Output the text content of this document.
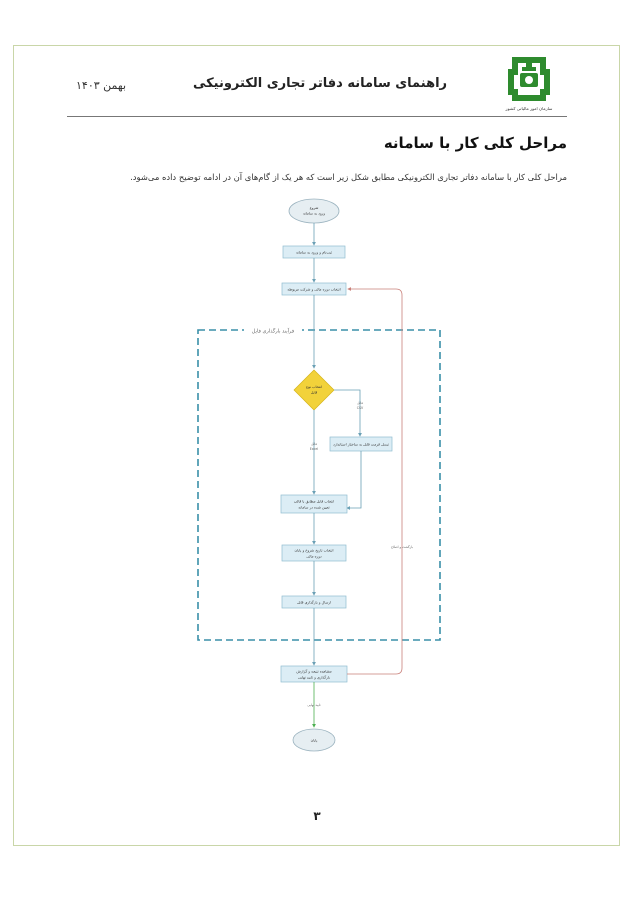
سازمان امور مالیاتی کشور
راهنمای سامانه دفاتر تجاری الکترونیکی
بهمن ۱۴۰۳
مراحل کلی کار با سامانه
مراحل کلی کار با سامانه دفاتر تجاری الکترونیکی مطابق شکل زیر است که هر یک از گام‌های آن در ادامه توضیح داده می‌شود.
فرآیند بارگذاری فایل
شروع
ورود به سامانه
ثبت‌نام و ورود به سامانه
انتخاب دوره مالی و شرکت مربوطه
انتخاب نوع
فایل
فایل
CSV
تبدیل فرمت فایل به ساختار استاندارد
فایل
Excel
انتخاب فایل مطابق با قالب
تعیین شده در سامانه
انتخاب تاریخ شروع و پایان
دوره مالی
ارسال و بارگذاری فایل
مشاهده نتیجه و گزارش
بارگذاری و تایید نهایی
بازگشت و اصلاح
تایید نهایی
پایان
۳
